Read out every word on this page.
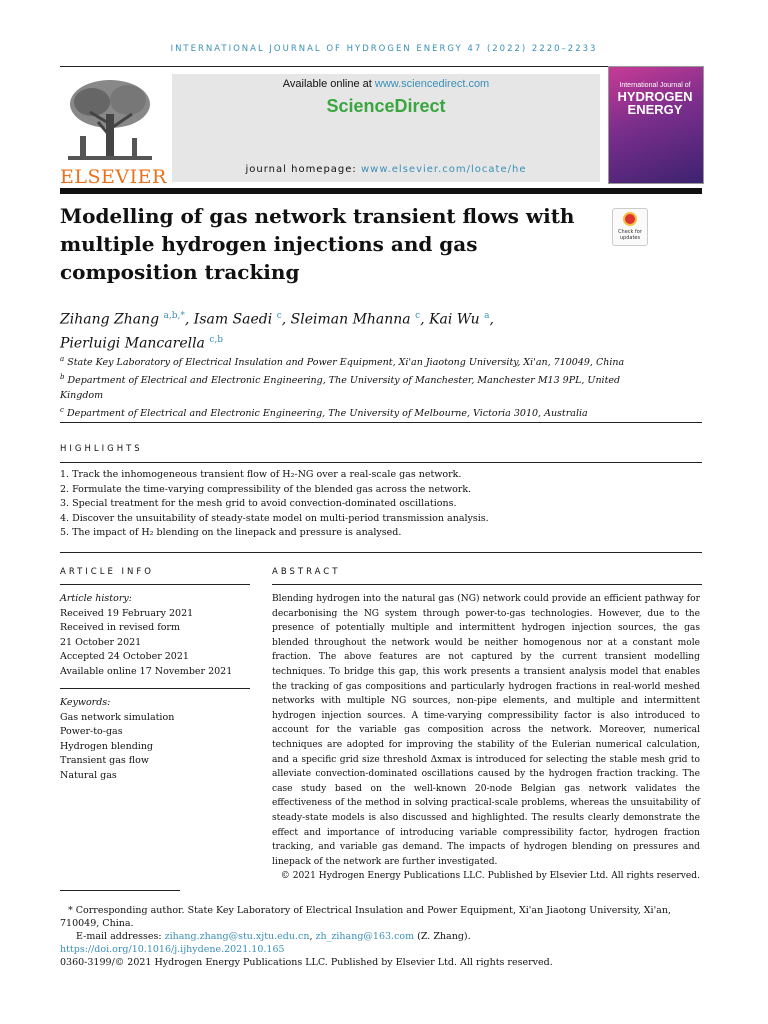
INTERNATIONAL JOURNAL OF HYDROGEN ENERGY 47 (2022) 2220–2233
ELSEVIER
Available online at www.sciencedirect.com
ScienceDirect
journal homepage: www.elsevier.com/locate/he
International Journal of
HYDROGEN ENERGY
Modelling of gas network transient flows with multiple hydrogen injections and gas composition tracking
Check for updates
Zihang Zhang $^{a,b,*}$, Isam Saedi $^c$, Sleiman Mhanna $^c$, Kai Wu $^a$,
Pierluigi Mancarella $^{c,b}$
$^a$ State Key Laboratory of Electrical Insulation and Power Equipment, Xi'an Jiaotong University, Xi'an, 710049, China
$^b$ Department of Electrical and Electronic Engineering, The University of Manchester, Manchester M13 9PL, United
Kingdom
$^c$ Department of Electrical and Electronic Engineering, The University of Melbourne, Victoria 3010, Australia
HIGHLIGHTS
1. Track the inhomogeneous transient flow of H₂-NG over a real-scale gas network.
2. Formulate the time-varying compressibility of the blended gas across the network.
3. Special treatment for the mesh grid to avoid convection-dominated oscillations.
4. Discover the unsuitability of steady-state model on multi-period transmission analysis.
5. The impact of H₂ blending on the linepack and pressure is analysed.
ARTICLE INFO
Article history:
Received 19 February 2021
Received in revised form
21 October 2021
Accepted 24 October 2021
Available online 17 November 2021
Keywords:
Gas network simulation
Power-to-gas
Hydrogen blending
Transient gas flow
Natural gas
ABSTRACT
Blending hydrogen into the natural gas (NG) network could provide an efficient pathway for decarbonising the NG system through power-to-gas technologies. However, due to the presence of potentially multiple and intermittent hydrogen injection sources, the gas blended throughout the network would be neither homogenous nor at a constant mole fraction. The above features are not captured by the current transient modelling techniques. To bridge this gap, this work presents a transient analysis model that enables the tracking of gas compositions and particularly hydrogen fractions in real-world meshed networks with multiple NG sources, non-pipe elements, and multiple and intermittent hydrogen injection sources. A time-varying compressibility factor is also introduced to account for the variable gas composition across the network. Moreover, numerical techniques are adopted for improving the stability of the Eulerian numerical calculation, and a specific grid size threshold Δxmax is introduced for selecting the stable mesh grid to alleviate convection-dominated oscillations caused by the hydrogen fraction tracking. The case study based on the well-known 20-node Belgian gas network validates the effectiveness of the method in solving practical-scale problems, whereas the unsuitability of steady-state models is also discussed and highlighted. The results clearly demonstrate the effect and importance of introducing variable compressibility factor, hydrogen fraction tracking, and variable gas demand. The impacts of hydrogen blending on pressures and linepack of the network are further investigated.
© 2021 Hydrogen Energy Publications LLC. Published by Elsevier Ltd. All rights reserved.
* Corresponding author. State Key Laboratory of Electrical Insulation and Power Equipment, Xi'an Jiaotong University, Xi'an, 710049, China.
E-mail addresses: zihang.zhang@stu.xjtu.edu.cn, zh_zihang@163.com (Z. Zhang).
https://doi.org/10.1016/j.ijhydene.2021.10.165
0360-3199/© 2021 Hydrogen Energy Publications LLC. Published by Elsevier Ltd. All rights reserved.
